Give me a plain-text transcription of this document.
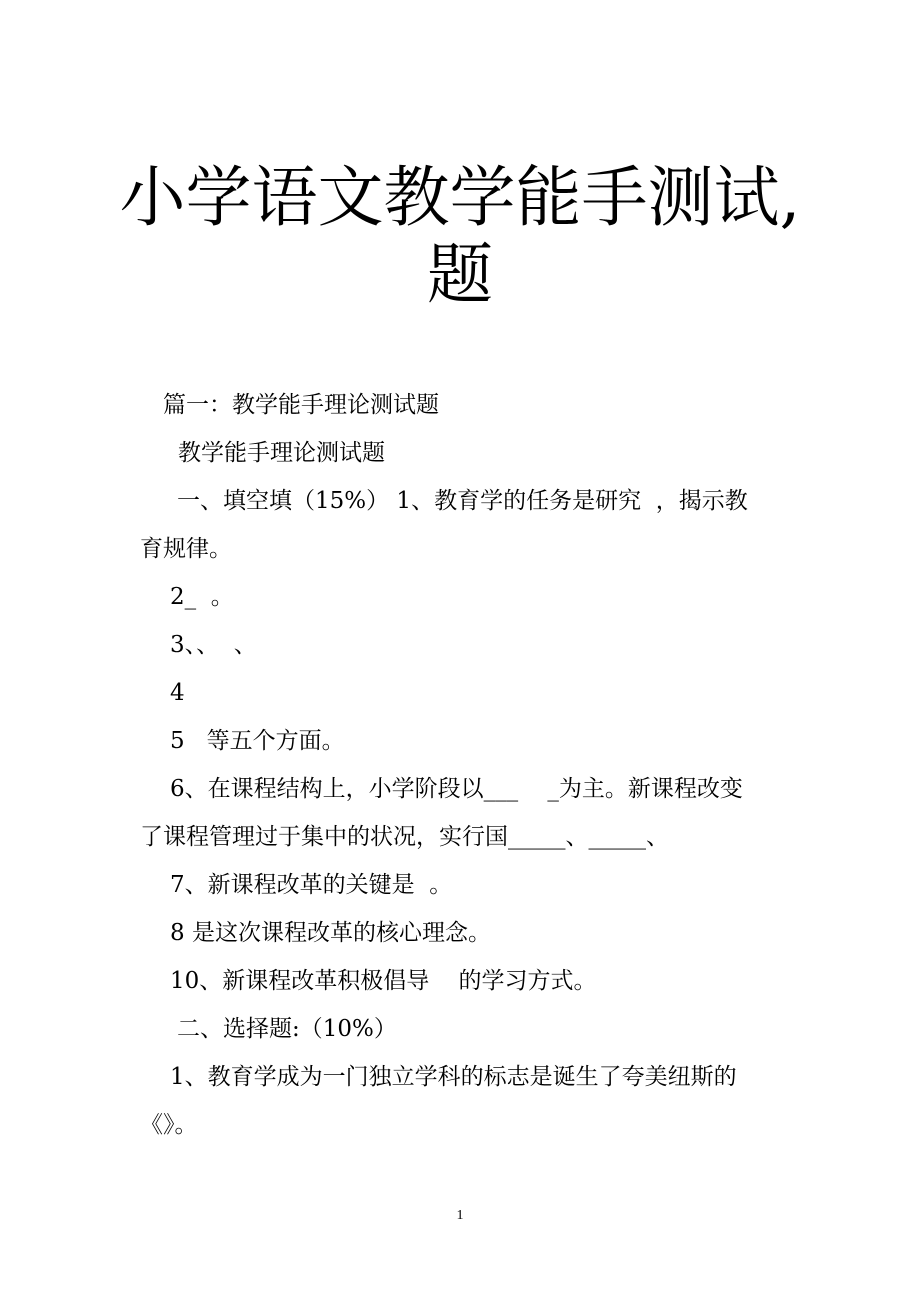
小学语文教学能手测试,
题
篇一：教学能手理论测试题
教学能手理论测试题
一、填空填（15%） 1、教育学的任务是研究  ，揭示教
育规律。
2_  。
3、、  、
4
5   等五个方面。
6、在课程结构上，小学阶段以___    _为主。新课程改变
了课程管理过于集中的状况，实行国_____、_____、
7、新课程改革的关键是  。
8 是这次课程改革的核心理念。
10、新课程改革积极倡导    的学习方式。
二、选择题:（10%）
1、教育学成为一门独立学科的标志是诞生了夸美纽斯的
《》。
1
